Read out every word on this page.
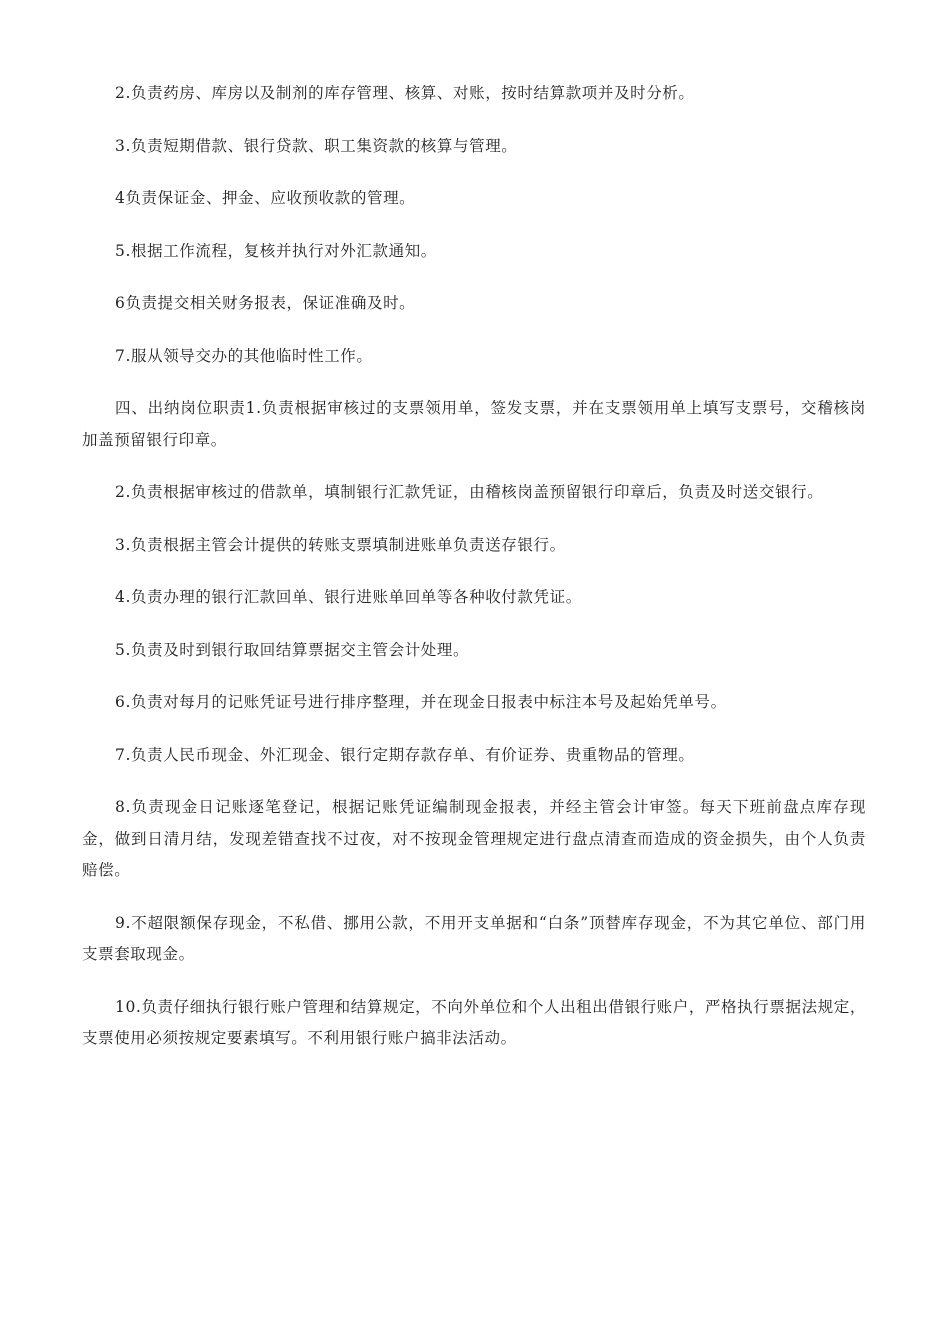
2.负责药房、库房以及制剂的库存管理、核算、对账，按时结算款项并及时分析。

3.负责短期借款、银行贷款、职工集资款的核算与管理。

4负责保证金、押金、应收预收款的管理。

5.根据工作流程，复核并执行对外汇款通知。

6负责提交相关财务报表，保证准确及时。

7.服从领导交办的其他临时性工作。

四、出纳岗位职责1.负责根据审核过的支票领用单，签发支票，并在支票领用单上填写支票号，交稽核岗加盖预留银行印章。

2.负责根据审核过的借款单，填制银行汇款凭证，由稽核岗盖预留银行印章后，负责及时送交银行。

3.负责根据主管会计提供的转账支票填制进账单负责送存银行。

4.负责办理的银行汇款回单、银行进账单回单等各种收付款凭证。

5.负责及时到银行取回结算票据交主管会计处理。

6.负责对每月的记账凭证号进行排序整理，并在现金日报表中标注本号及起始凭单号。

7.负责人民币现金、外汇现金、银行定期存款存单、有价证券、贵重物品的管理。

8.负责现金日记账逐笔登记，根据记账凭证编制现金报表，并经主管会计审签。每天下班前盘点库存现金，做到日清月结，发现差错查找不过夜，对不按现金管理规定进行盘点清查而造成的资金损失，由个人负责赔偿。

9.不超限额保存现金，不私借、挪用公款，不用开支单据和“白条”顶替库存现金，不为其它单位、部门用支票套取现金。

10.负责仔细执行银行账户管理和结算规定，不向外单位和个人出租出借银行账户，严格执行票据法规定，支票使用必须按规定要素填写。不利用银行账户搞非法活动。
